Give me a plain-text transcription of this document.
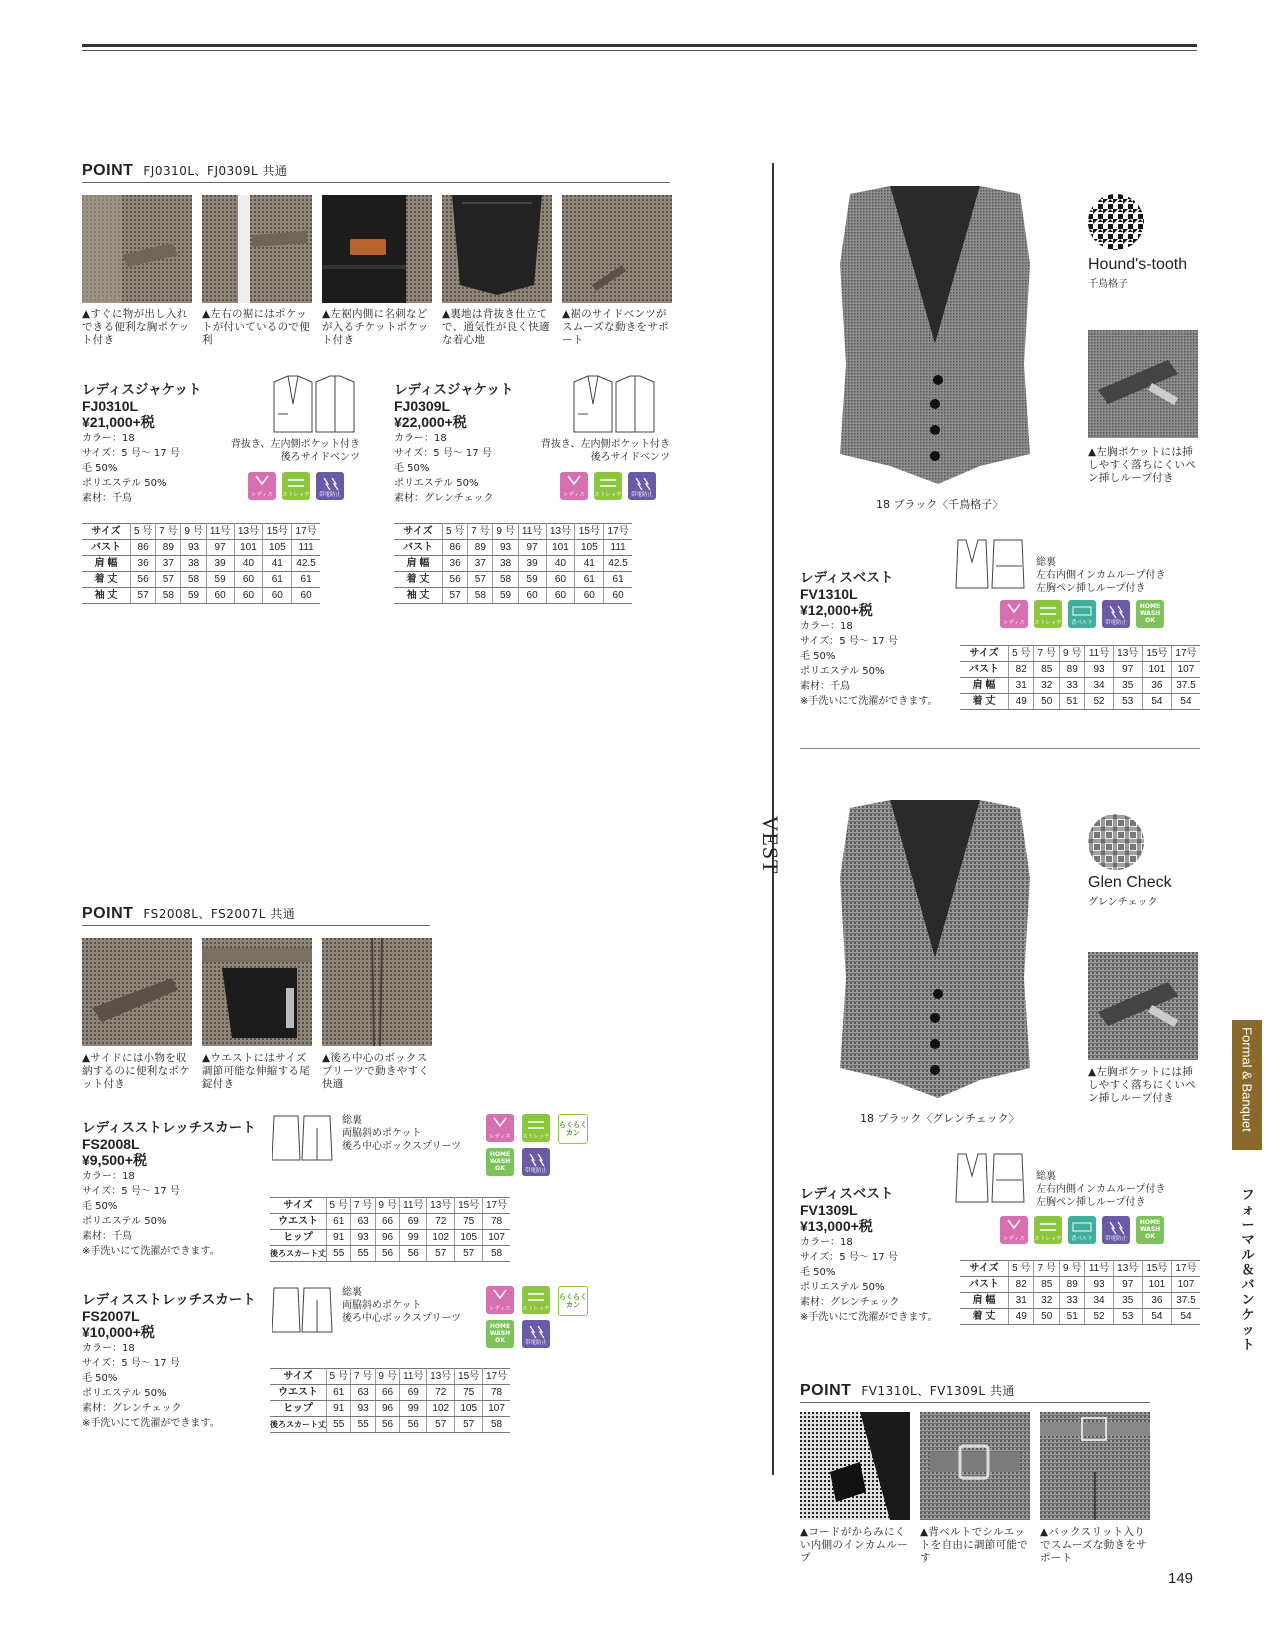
POINT FJ0310L、FJ0309L 共通
▲すぐに物が出し入れできる便利な胸ポケット付き
▲左右の裾にはポケットが付いているので便利
▲左裾内側に名刺などが入るチケットポケット付き
▲裏地は背抜き仕立てで、通気性が良く快適な着心地
▲裾のサイドベンツがスムーズな動きをサポート
レディスジャケット
FJ0310L
¥21,000+税
カラー：18
サイズ：5 号～ 17 号
毛 50%
ポリエステル 50%
素材：千鳥
背抜き、左内側ポケット付き
後ろサイドベンツ
レディス	ストレッチ	帯電防止
サイズ	5 号	7 号	9 号	11号	13号	15号	17号
バスト	86	89	93	97	101	105	111
肩 幅	36	37	38	39	40	41	42.5
着 丈	56	57	58	59	60	61	61
袖 丈	57	58	59	60	60	60	60
レディスジャケット
FJ0309L
¥22,000+税
カラー：18
サイズ：5 号～ 17 号
毛 50%
ポリエステル 50%
素材：グレンチェック
背抜き、左内側ポケット付き
後ろサイドベンツ
レディス	ストレッチ	帯電防止
サイズ	5 号	7 号	9 号	11号	13号	15号	17号
バスト	86	89	93	97	101	105	111
肩 幅	36	37	38	39	40	41	42.5
着 丈	56	57	58	59	60	61	61
袖 丈	57	58	59	60	60	60	60
POINT FS2008L、FS2007L 共通
▲サイドには小物を収納するのに便利なポケット付き
▲ウエストにはサイズ調節可能な伸縮する尾錠付き
▲後ろ中心のボックスプリーツで動きやすく快適
レディスストレッチスカート
FS2008L
¥9,500+税
カラー：18
サイズ：5 号～ 17 号
毛 50%
ポリエステル 50%
素材：千鳥
※手洗いにて洗濯ができます。
総裏
両脇斜めポケット
後ろ中心ボックスプリーツ
レディス	ストレッチ
らくらくカン
HOME WASH OK	帯電防止
サイズ	5 号	7 号	9 号	11号	13号	15号	17号
ウエスト	61	63	66	69	72	75	78
ヒップ	91	93	96	99	102	105	107
後ろスカート丈	55	55	56	56	57	57	58
レディスストレッチスカート
FS2007L
¥10,000+税
カラー：18
サイズ：5 号～ 17 号
毛 50%
ポリエステル 50%
素材：グレンチェック
※手洗いにて洗濯ができます。
総裏
両脇斜めポケット
後ろ中心ボックスプリーツ
レディス	ストレッチ
らくらくカン
HOME WASH OK	帯電防止
サイズ	5 号	7 号	9 号	11号	13号	15号	17号
ウエスト	61	63	66	69	72	75	78
ヒップ	91	93	96	99	102	105	107
後ろスカート丈	55	55	56	56	57	57	58
VEST
Hound's-tooth
千鳥格子
▲左胸ポケットには挿しやすく落ちにくいペン挿しループ付き
18 ブラック〈千鳥格子〉
総裏
左右内側インカムループ付き
左胸ペン挿しループ付き
レディスベスト
FV1310L
¥12,000+税
カラー：18
サイズ：5 号～ 17 号
毛 50%
ポリエステル 50%
素材：千鳥
※手洗いにて洗濯ができます。
レディス	ストレッチ	背ベルト	帯電防止
HOME WASH OK
サイズ	5 号	7 号	9 号	11号	13号	15号	17号
バスト	82	85	89	93	97	101	107
肩 幅	31	32	33	34	35	36	37.5
着 丈	49	50	51	52	53	54	54
Glen Check
グレンチェック
▲左胸ポケットには挿しやすく落ちにくいペン挿しループ付き
18 ブラック〈グレンチェック〉
総裏
左右内側インカムループ付き
左胸ペン挿しループ付き
レディスベスト
FV1309L
¥13,000+税
カラー：18
サイズ：5 号～ 17 号
毛 50%
ポリエステル 50%
素材：グレンチェック
※手洗いにて洗濯ができます。
レディス	ストレッチ	背ベルト	帯電防止
HOME WASH OK
サイズ	5 号	7 号	9 号	11号	13号	15号	17号
バスト	82	85	89	93	97	101	107
肩 幅	31	32	33	34	35	36	37.5
着 丈	49	50	51	52	53	54	54
POINT FV1310L、FV1309L 共通
▲コードがからみにくい内側のインカムループ
▲背ベルトでシルエットを自由に調節可能です
▲バックスリット入りでスムーズな動きをサポート
Formal & Banquet
フォーマル＆バンケット
149
